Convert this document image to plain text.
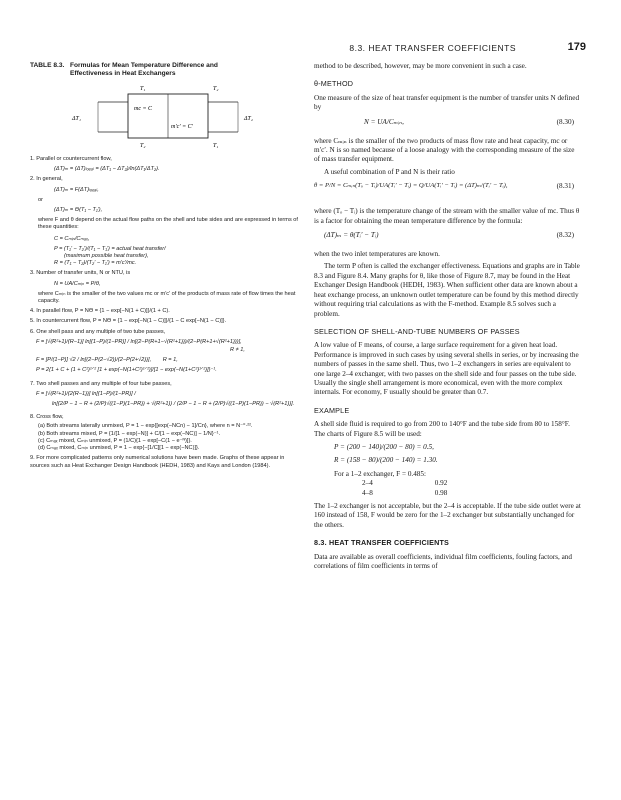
8.3. HEAT TRANSFER COEFFICIENTS	179
TABLE 8.3. Formulas for Mean Temperature Difference and
Effectiveness in Heat Exchangers
T₁	T₂
ΔT₁	ΔT₂
mc = C
m′c′ = C′
T₂	T₁
1. Parallel or countercurrent flow,
(ΔT)ₘ = (ΔT)ₗₒₑₐₗ = (ΔT₁ − ΔT₂)/ln(ΔT₁/ΔT₂).
2. In general,
(ΔT)ₘ = F(ΔT)ₗₒₑₐₗ,
or
(ΔT)ₘ = Θ(T₁ − T₁′),
where F and θ depend on the actual flow paths on the shell and tube sides and are expressed in terms of these quantities:
C = Cₘᵢₙ/Cₘₐₓ,
P = (T₁′ − T₂′)/(T₁ − T₁′) = actual heat transfer/
(maximum possible heat transfer),
R = (T₁ − T₂)/(T₂′ − T₁′) = m′c′/mc.
3. Number of transfer units, N or NTU, is
N = UA/Cₘᵢₙ = P/θ,
where Cₘᵢₙ is the smaller of the two values mc or m′c′ of the products of mass rate of flow times the heat capacity.
4. In parallel flow, P = NΘ = {1 − exp[−N(1 + C)]}/(1 + C).
5. In countercurrent flow, P = NΘ = {1 − exp[−N(1 − C)]}/{1 − C exp[−N(1 − C)]}.
6. One shell pass and any multiple of two tube passes,
F = [√(R²+1)/(R−1)] ln[(1−P)/(1−PR)] / ln[(2−P(R+1−√(R²+1)))/(2−P(R+1+√(R²+1)))],
R ≠ 1,
F = [P/(1−P)] √2 / ln[(2−P(2−√2))/(2−P(2+√2))], R = 1,
P = 2{1 + C + (1 + C²)¹ᐟ² [1 + exp(−N(1+C²)¹ᐟ²)]/[1 − exp(−N(1+C²)¹ᐟ²)]}⁻¹.
7. Two shell passes and any multiple of four tube passes,
F = [√(R²+1)/(2(R−1))] ln[(1−P)/(1−PR)] /
ln[(2/P − 1 − R + (2/P)√((1−P)(1−PR)) + √(R²+1)) / (2/P − 1 − R + (2/P)√((1−P)(1−PR)) − √(R²+1))].
8. Cross flow,
(a) Both streams laterally unmixed, P = 1 − exp{[exp(−NCn) − 1]/Cn}, where n = N⁻⁰·²².
(b) Both streams mixed, P = {1/[1 − exp(−N)] + C/[1 − exp(−NC)] − 1/N}⁻¹.
(c) Cₘₐₓ mixed, Cₘᵢₙ unmixed, P = (1/C){1 − exp[−C(1 − e⁻ᴺ)]}.
(d) Cₘₐₓ mixed, Cₘᵢₙ unmixed, P = 1 − exp{−[1/C][1 − exp(−NC)]}.
9. For more complicated patterns only numerical solutions have been made. Graphs of these appear in sources such as Heat Exchanger Design Handbook (HEDH, 1983) and Kays and London (1984).

method to be described, however, may be more convenient in such a case.

θ-METHOD

One measure of the size of heat transfer equipment is the number of transfer units N defined by

N = UA/Cₘᵢₙ,	(8.30)

where Cₘᵢₙ is the smaller of the two products of mass flow rate and heat capacity, mc or m′c′. N is so named because of a loose analogy with the corresponding measure of the size of mass transfer equipment.

A useful combination of P and N is their ratio

θ = P/N = Cₘᵢₙ(Tₒ − Tᵢ)/UA(Tᵢ′ − Tᵢ) = Q/UA(Tᵢ′ − Tᵢ) = (ΔT)ₘ/(Tᵢ′ − Tᵢ),	(8.31)

where (Tₒ − Tᵢ) is the temperature change of the stream with the smaller value of mc. Thus θ is a factor for obtaining the mean temperature difference by the formula:

(ΔT)ₘ = θ(Tᵢ′ − Tᵢ)	(8.32)

when the two inlet temperatures are known.

The term P often is called the exchanger effectiveness. Equations and graphs are in Table 8.3 and Figure 8.4. Many graphs for θ, like those of Figure 8.7, may be found in the Heat Exchanger Design Handbook (HEDH, 1983). When sufficient other data are known about a heat exchange process, an unknown outlet temperature can be found by this method directly without requiring trial calculations as with the F-method. Example 8.5 solves such a problem.

SELECTION OF SHELL-AND-TUBE NUMBERS OF PASSES

A low value of F means, of course, a large surface requirement for a given heat load. Performance is improved in such cases by using several shells in series, or by increasing the numbers of passes in the same shell. Thus, two 1–2 exchangers in series are equivalent to one large 2–4 exchanger, with two passes on the shell side and four passes on the tube side. Usually the single shell arrangement is more economical, even with the more complex internals. For economy, F usually should be greater than 0.7.

EXAMPLE

A shell side fluid is required to go from 200 to 140°F and the tube side from 80 to 158°F. The charts of Figure 8.5 will be used:

P = (200 − 140)/(200 − 80) = 0.5,
R = (158 − 80)/(200 − 140) = 1.30.
For a 1–2 exchanger, F = 0.485:
2–4	0.92
4–8	0.98

The 1–2 exchanger is not acceptable, but the 2–4 is acceptable. If the tube side outlet were at 160 instead of 158, F would be zero for the 1–2 exchanger but substantially unchanged for the others.

8.3. HEAT TRANSFER COEFFICIENTS

Data are available as overall coefficients, individual film coefficients, fouling factors, and correlations of film coefficients in terms of
